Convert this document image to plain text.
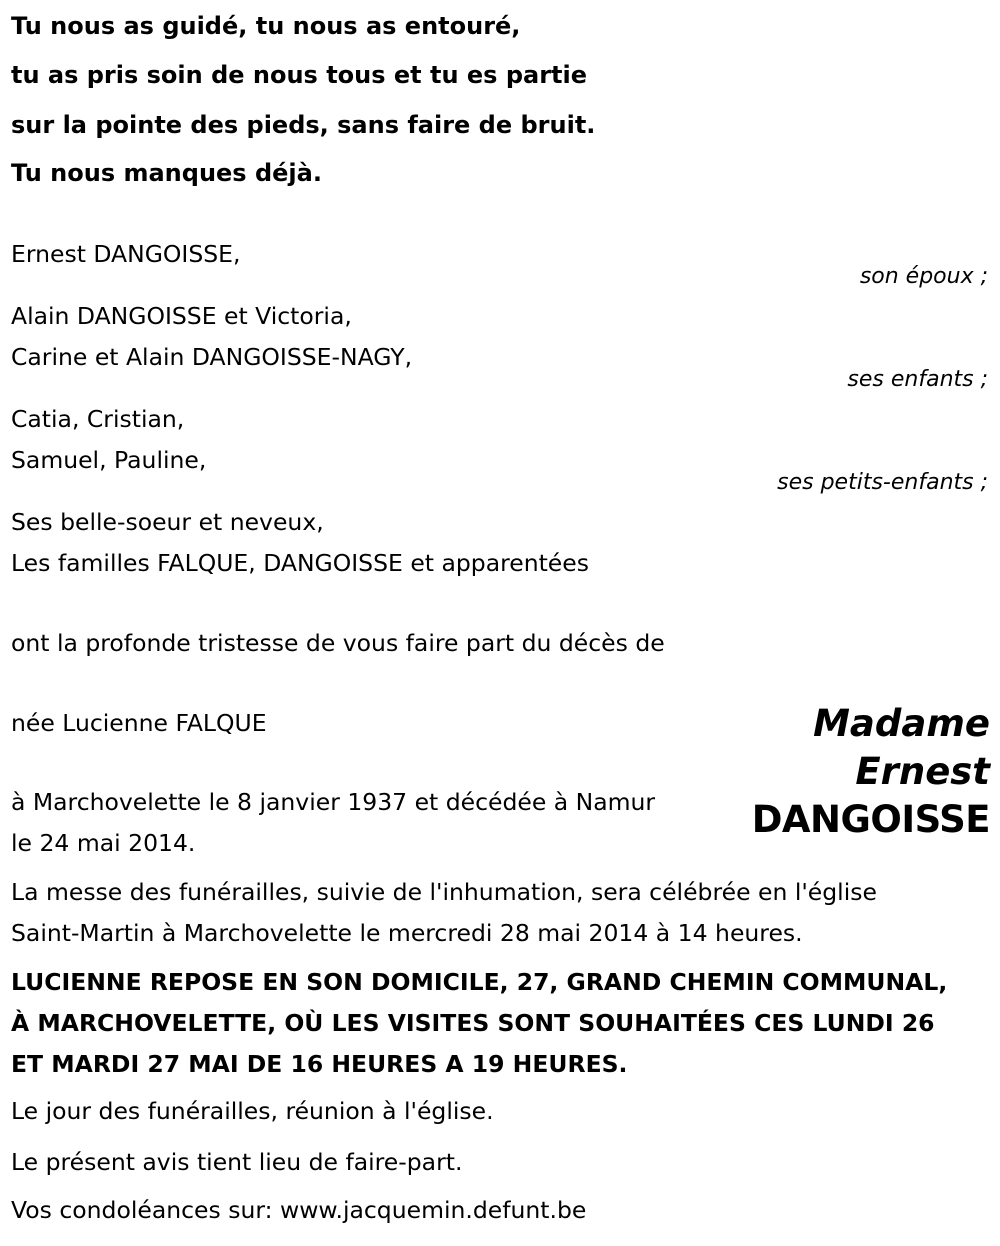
Tu nous as guidé, tu nous as entouré,
tu as pris soin de nous tous et tu es partie
sur la pointe des pieds, sans faire de bruit.
Tu nous manques déjà.
Ernest DANGOISSE,
son époux ;
Alain DANGOISSE et Victoria,
Carine et Alain DANGOISSE-NAGY,
ses enfants ;
Catia, Cristian,
Samuel, Pauline,
ses petits-enfants ;
Ses belle-soeur et neveux,
Les familles FALQUE, DANGOISSE et apparentées
ont la profonde tristesse de vous faire part du décès de
née Lucienne FALQUE	Madame
Ernest
DANGOISSE
à Marchovelette le 8 janvier 1937 et décédée à Namur
le 24 mai 2014.
La messe des funérailles, suivie de l'inhumation, sera célébrée en l'église
Saint-Martin à Marchovelette le mercredi 28 mai 2014 à 14 heures.
LUCIENNE REPOSE EN SON DOMICILE, 27, GRAND CHEMIN COMMUNAL,
À MARCHOVELETTE, OÙ LES VISITES SONT SOUHAITÉES CES LUNDI 26
ET MARDI 27 MAI DE 16 HEURES A 19 HEURES.
Le jour des funérailles, réunion à l'église.
Le présent avis tient lieu de faire-part.
Vos condoléances sur: www.jacquemin.defunt.be
